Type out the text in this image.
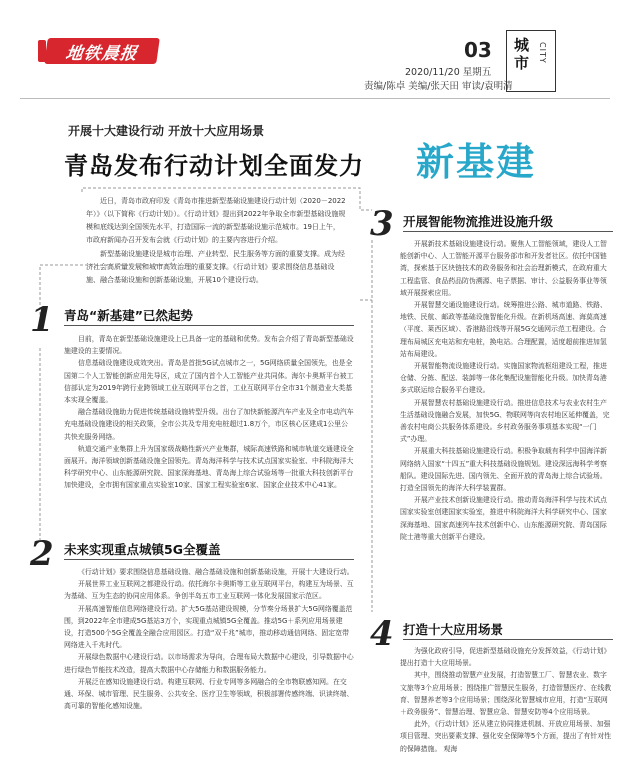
地铁晨报	03
2020/11/20 星期五
责编/陈卓 美编/张天田 审读/袁明清
城市	CITY
开展十大建设行动 开放十大应用场景
青岛发布行动计划全面发力 新基建

近日，青岛市政府印发《青岛市推进新型基础设施建设行动计划（2020－2022年）》（以下简称《行动计划》）。《行动计划》提出到2022年争取全市新型基础设施规模和底线达到全国领先水平，打造国际一流的新型基础设施示范城市。19日上午，市政府新闻办召开发布会就《行动计划》的主要内容进行介绍。

新型基础设施建设是城市治理、产业转型、民生服务等方面的重要支撑。成为经济社会高质量发展和城市高效治理的重要支撑。《行动计划》要求围绕信息基础设施、融合基础设施和创新基础设施，开展10个建设行动。

1 青岛“新基建”已然起势

目前，青岛在新型基础设施建设上已具备一定的基础和优势。发布会介绍了青岛新型基础设施建设的主要情况。

信息基础设施建设成效突出。青岛是首批5G试点城市之一，5G网络质量全国领先，也是全国第二个人工智能创新应用先导区，成立了国内首个人工智能产业共同体。海尔卡奥斯平台被工信部认定为2019年跨行业跨领域工业互联网平台之首，工业互联网平台全市31个制造业大类基本实现全覆盖。

融合基础设施助力促进传统基础设施转型升级。出台了加快新能源汽车产业及全市电动汽车充电基础设施建设的相关政策，全市公共及专用充电桩超过1.8万个，市区核心区建成1公里公共快充服务网络。

轨道交通产业集群上升为国家级战略性新兴产业集群，城际高速铁路和城市轨道交通建设全面展开。海洋领域创新基础设施全国领先。青岛海洋科学与技术试点国家实验室、中科院海洋大科学研究中心、山东能源研究院、国家深海基地、青岛海上综合试验场等一批重大科技创新平台加快建设，全市拥有国家重点实验室10家、国家工程实验室6家、国家企业技术中心41家。

2 未来实现重点城镇5G全覆盖

《行动计划》要求围绕信息基础设施、融合基础设施和创新基础设施，开展十大建设行动。

开展世界工业互联网之都建设行动。依托海尔卡奥斯等工业互联网平台，构建互为场景、互为基础、互为生态的协同应用体系。争创半岛五市工业互联网一体化发展国家示范区。

开展高速智能信息网络建设行动。扩大5G基站建设规模，分节奏分场景扩大5G网络覆盖范围，到2022年全市建成5G基站3万个，实现重点城镇5G全覆盖。推动5G＋系列应用场景建设，打造500个5G全覆盖全融合应用园区。打造“双千兆”城市，推动移动通信网络、固定宽带网络进入千兆时代。

开展绿色数据中心建设行动。以市场需求为导向，合理布局大数据中心建设，引导数据中心进行绿色节能技术改造，提高大数据中心存储能力和数据服务能力。

开展泛在感知设施建设行动。构建互联网、行业专网等多网融合的全市物联感知网。在交通、环保、城市管理、民生服务、公共安全、医疗卫生等领域，积极部署传感终端、识读终端、高可靠的智能化感知设施。

3 开展智能物流推进设施升级

开展新技术基础设施建设行动。聚焦人工智能领域，建设人工智能创新中心、人工智能开源平台服务部市和开发者社区。依托中国链湾，探索基于区块链技术的政务服务和社会治理新模式，在政府重大工程监管、食品药品防伪溯源、电子票据、审计、公益服务事业等领域开展探索应用。

开展智慧交通设施建设行动。统筹推进公路、城市道路、铁路、地铁、民航、邮政等基础设施智能化升级。在新机场高速、海莫高速（平度、莱西区域）、香港路沿线等开展5G交通网示范工程建设。合理布局城区充电站和充电桩，换电站。合理配置，适度超前推进加氢站布局建设。

开展智能物流设施建设行动。实施国家物流枢纽建设工程，推进仓储、分拣、配送、装卸等一体化集配设施智能化升级。加快青岛港多式联运综合服务平台建设。

开展智慧农村基础设施建设行动。推进信息技术与农业农村生产生活基础设施融合发展，加快5G、物联网等向农村地区延伸覆盖，完善农村电商公共服务体系建设。乡村政务服务事项基本实现“一门式”办理。

开展重大科技基础设施建设行动。积极争取载有科学中国海洋新网络纳入国家“十四五”重大科技基础设施规划。建设深远海科学考察船队。建设国际先进、国内领先、全面开放的青岛海上综合试验场。打造全国领先的海洋大科学装置群。

开展产业技术创新设施建设行动。推动青岛海洋科学与技术试点国家实验室创建国家实验室，推进中科院海洋大科学研究中心、国家深海基地、国家高速列车技术创新中心、山东能源研究院、青岛国际院士港等重大创新平台建设。

4 打造十大应用场景

为强化政府引导，促进新型基础设施充分发挥效益，《行动计划》提出打造十大应用场景。

其中，围绕推动智慧产业发展，打造智慧工厂、智慧农业、数字文旅等3个应用场景；围绕推广智慧民生服务，打造智慧医疗、在线教育、智慧养老等3个应用场景；围绕深化智慧城市应用，打造“互联网＋政务服务”、智慧治理、智慧应急、智慧安防等4个应用场景。

此外，《行动计划》还从建立协同推进机制、开放应用场景、加强项目管理、突出要素支撑、强化安全保障等5个方面，提出了有针对性的保障措施。 观海
